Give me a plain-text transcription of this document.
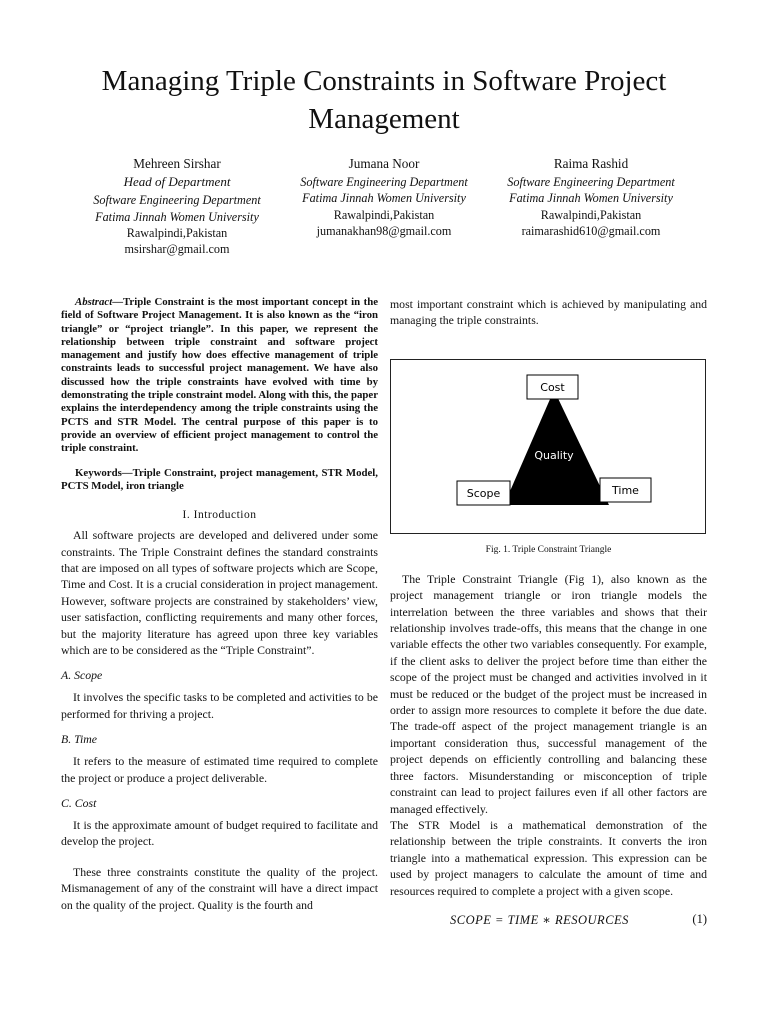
Managing Triple Constraints in Software Project Management
Mehreen Sirshar
Head of Department
Software Engineering Department
Fatima Jinnah Women University
Rawalpindi,Pakistan
msirshar@gmail.com
Jumana Noor
Software Engineering Department
Fatima Jinnah Women University
Rawalpindi,Pakistan
jumanakhan98@gmail.com
Raima Rashid
Software Engineering Department
Fatima Jinnah Women University
Rawalpindi,Pakistan
raimarashid610@gmail.com

Abstract—Triple Constraint is the most important concept in the field of Software Project Management. It is also known as the “iron triangle” or “project triangle”. In this paper, we represent the relationship between triple constraint and software project management and justify how does effective management of triple constraints leads to successful project management. We have also discussed how the triple constraints have evolved with time by demonstrating the triple constraint model. Along with this, the paper explains the interdependency among the triple constraints using the PCTS and STR Model. The central purpose of this paper is to provide an overview of efficient project management to control the triple constraint.

Keywords—Triple Constraint, project management, STR Model, PCTS Model, iron triangle

I. Introduction

All software projects are developed and delivered under some constraints. The Triple Constraint defines the standard constraints that are imposed on all types of software projects which are Scope, Time and Cost. It is a crucial consideration in project management. However, software projects are constrained by stakeholders’ view, user satisfaction, conflicting requirements and many other forces, but the majority literature has agreed upon three key variables which are to be considered as the “Triple Constraint”.

A. Scope

It involves the specific tasks to be completed and activities to be performed for thriving a project.

B. Time

It refers to the measure of estimated time required to complete the project or produce a project deliverable.

C. Cost

It is the approximate amount of budget required to facilitate and develop the project.

These three constraints constitute the quality of the project. Mismanagement of any of the constraint will have a direct impact on the quality of the project. Quality is the fourth and

most important constraint which is achieved by manipulating and managing the triple constraints.

Cost
Quality
Scope	Time
Fig. 1. Triple Constraint Triangle

The Triple Constraint Triangle (Fig 1), also known as the project management triangle or iron triangle models the interrelation between the three variables and shows that their relationship involves trade-offs, this means that the change in one variable effects the other two variables consequently. For example, if the client asks to deliver the project before time than either the scope of the project must be changed and activities involved in it must be reduced or the budget of the project must be increased in order to assign more resources to complete it before the due date. The trade-off aspect of the project management triangle is an important consideration thus, successful management of the project depends on efficiently controlling and balancing these three factors. Misunderstanding or misconception of triple constraint can lead to project failures even if all other factors are managed effectively.

The STR Model is a mathematical demonstration of the relationship between the triple constraints. It converts the iron triangle into a mathematical expression. This expression can be used by project managers to calculate the amount of time and resources required to complete a project with a given scope.

SCOPE = TIME ∗ RESOURCES	(1)
